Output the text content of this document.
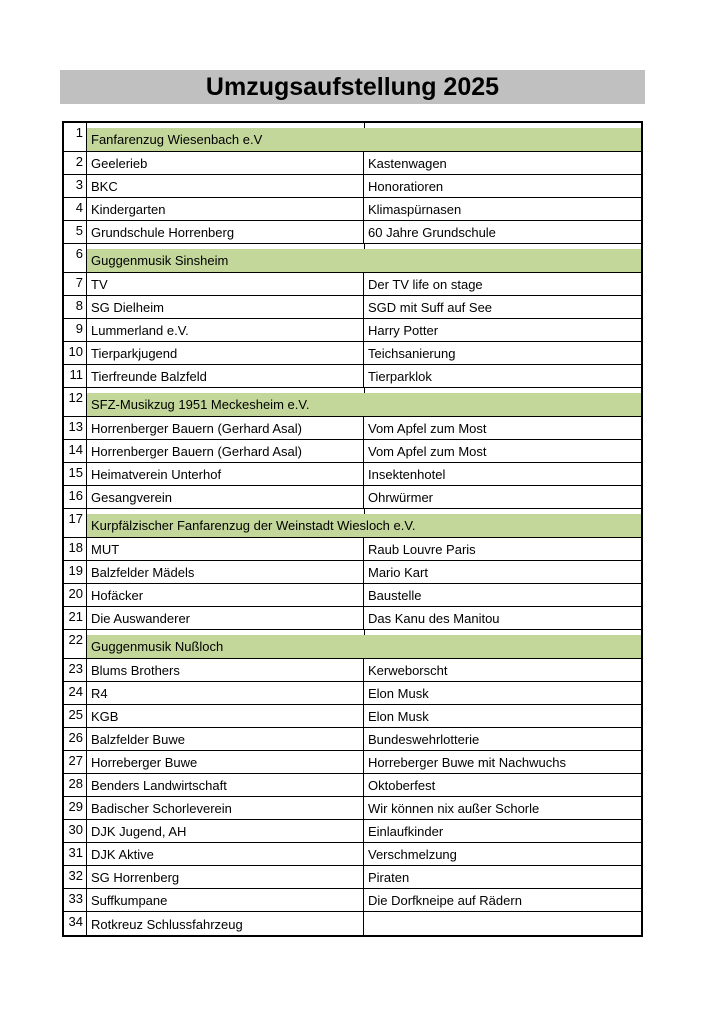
Umzugsaufstellung 2025
1 Fanfarenzug Wiesenbach e.V
2 Geelerieb	Kastenwagen
3 BKC	Honoratioren
4 Kindergarten	Klimaspürnasen
5 Grundschule Horrenberg	60 Jahre Grundschule
6 Guggenmusik Sinsheim
7 TV	Der TV life on stage
8 SG Dielheim	SGD mit Suff auf See
9 Lummerland e.V.	Harry Potter
10 Tierparkjugend	Teichsanierung
11 Tierfreunde Balzfeld	Tierparklok
12 SFZ-Musikzug 1951 Meckesheim e.V.
13 Horrenberger Bauern (Gerhard Asal)	Vom Apfel zum Most
14 Horrenberger Bauern (Gerhard Asal)	Vom Apfel zum Most
15 Heimatverein Unterhof	Insektenhotel
16 Gesangverein	Ohrwürmer
17 Kurpfälzischer Fanfarenzug der Weinstadt Wiesloch e.V.
18 MUT	Raub Louvre Paris
19 Balzfelder Mädels	Mario Kart
20 Hofäcker	Baustelle
21 Die Auswanderer	Das Kanu des Manitou
22 Guggenmusik Nußloch
23 Blums Brothers	Kerweborscht
24 R4	Elon Musk
25 KGB	Elon Musk
26 Balzfelder Buwe	Bundeswehrlotterie
27 Horreberger Buwe	Horreberger Buwe mit Nachwuchs
28 Benders Landwirtschaft	Oktoberfest
29 Badischer Schorleverein	Wir können nix außer Schorle
30 DJK Jugend, AH	Einlaufkinder
31 DJK Aktive	Verschmelzung
32 SG Horrenberg	Piraten
33 Suffkumpane	Die Dorfkneipe auf Rädern
34 Rotkreuz Schlussfahrzeug
